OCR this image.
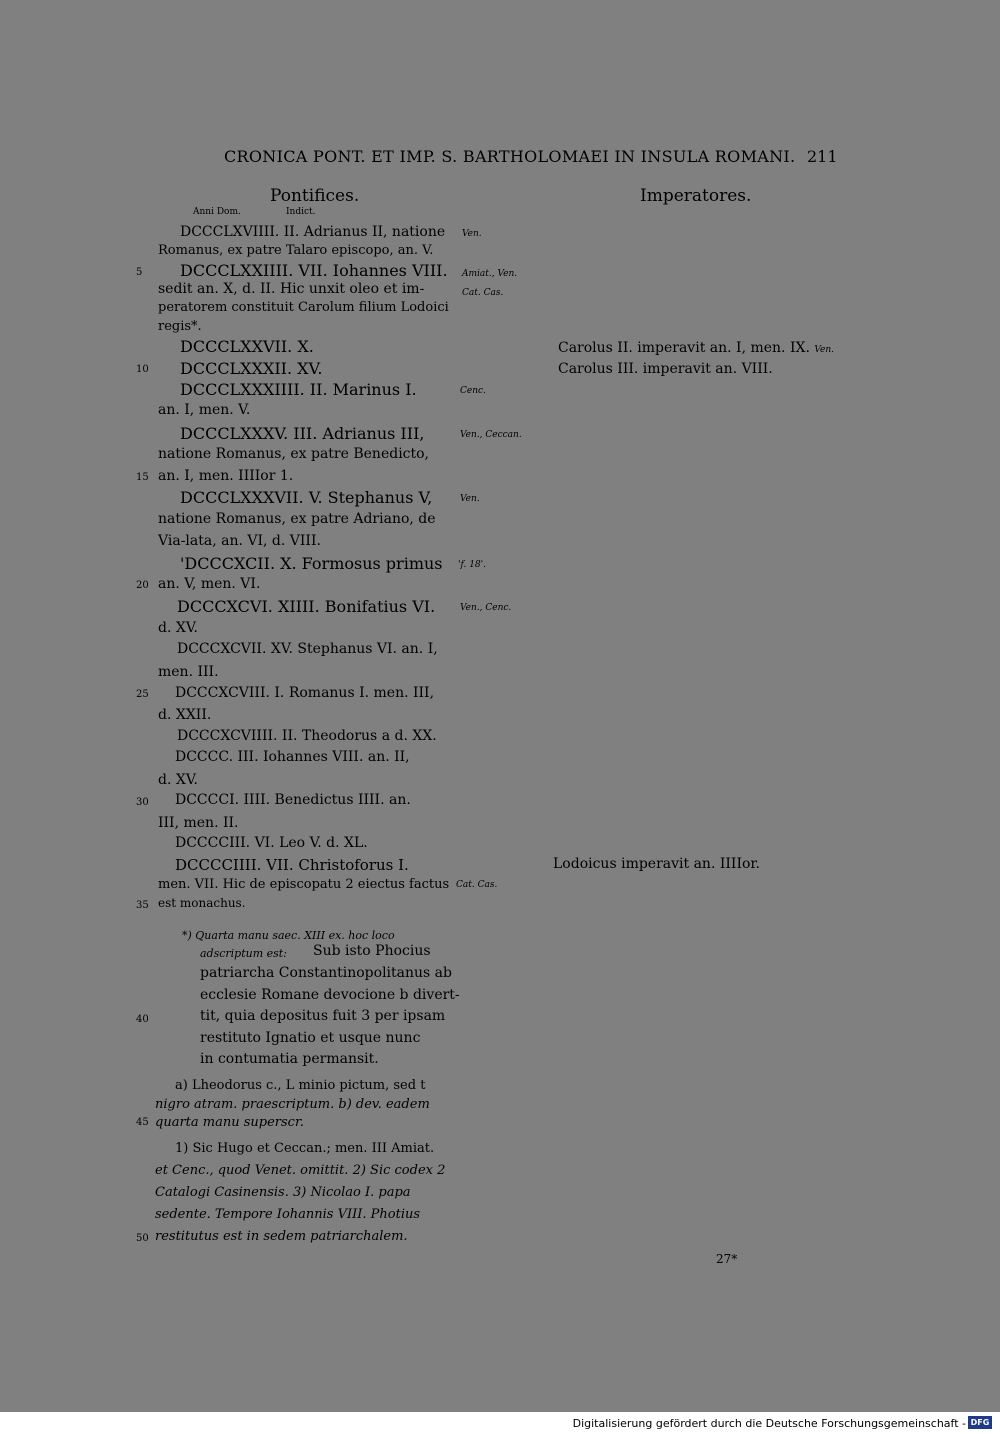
CRONICA PONT. ET IMP. S. BARTHOLOMAEI IN INSULA ROMANI. 211
Pontifices.
Anni Dom.	Indict.
Imperatores.
DCCCLXVIIII. II. Adrianus II, natione
Romanus, ex patre Talaro episcopo, an. V.
DCCCLXXIIII. VII. Iohannes VIII.
sedit an. X, d. II. Hic unxit oleo et im-
peratorem constituit Carolum filium Lodoici
regis*.
DCCCLXXVII. X.
DCCCLXXXII. XV.
DCCCLXXXIIII. II. Marinus I.
an. I, men. V.
DCCCLXXXV. III. Adrianus III,
natione Romanus, ex patre Benedicto,
an. I, men. IIIIor 1.
DCCCLXXXVII. V. Stephanus V,
natione Romanus, ex patre Adriano, de
Via-lata, an. VI, d. VIII.
'DCCCXCII. X. Formosus primus
an. V, men. VI.
DCCCXCVI. XIIII. Bonifatius VI.
d. XV.
DCCCXCVII. XV. Stephanus VI. an. I,
men. III.
DCCCXCVIII. I. Romanus I. men. III,
d. XXII.
DCCCXCVIIII. II. Theodorus a d. XX.
DCCCC. III. Iohannes VIII. an. II,
d. XV.
DCCCCI. IIII. Benedictus IIII. an.
III, men. II.
DCCCCIII. VI. Leo V. d. XL.
DCCCCIIII. VII. Christoforus I.
men. VII. Hic de episcopatu 2 eiectus factus
est monachus.
5
10
15
20
25
30
35
40
45
50
Ven.
Amiat., Ven.
Cat. Cas.
Cenc.
Ven., Ceccan.
Ven.
'f. 18'.
Ven., Cenc.
Cat. Cas.
Carolus II. imperavit an. I, men. IX. Ven.
Carolus III. imperavit an. VIII.
Lodoicus imperavit an. IIIIor.
*) Quarta manu saec. XIII ex. hoc loco
adscriptum est: Sub isto Phocius
patriarcha Constantinopolitanus ab
ecclesie Romane devocione b divert-
tit, quia depositus fuit 3 per ipsam
restituto Ignatio et usque nunc
in contumatia permansit.
a) Lheodorus c., L minio pictum, sed t
nigro atram. praescriptum. b) dev. eadem
quarta manu superscr.
1) Sic Hugo et Ceccan.; men. III Amiat.
et Cenc., quod Venet. omittit. 2) Sic codex 2
Catalogi Casinensis. 3) Nicolao I. papa
sedente. Tempore Iohannis VIII. Photius
restitutus est in sedem patriarchalem.
27*
Digitalisierung gefördert durch die Deutsche Forschungsgemeinschaft - DFG
